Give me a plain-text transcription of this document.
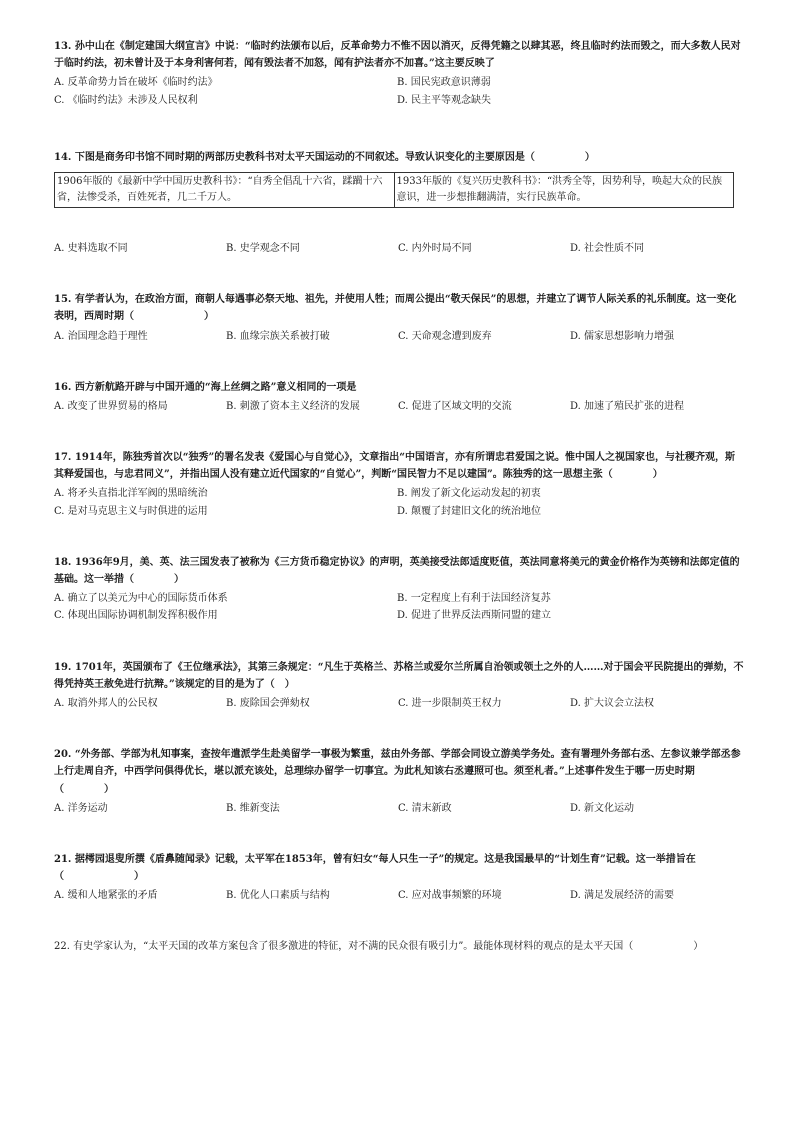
13. 孙中山在《制定建国大纲宣言》中说：“临时约法颁布以后，反革命势力不惟不因以消灭，反得凭籍之以肆其恶，终且临时约法而毁之，而大多数人民对于临时约法，初未曾计及于本身利害何若，闻有毁法者不加怒，闻有护法者亦不加喜。”这主要反映了

A. 反革命势力旨在破坏《临时约法》	B. 国民宪政意识薄弱
C. 《临时约法》未涉及人民权利	D. 民主平等观念缺失

14. 下图是商务印书馆不同时期的两部历史教科书对太平天国运动的不同叙述。导致认识变化的主要原因是（　　　　　）

1906年版的《最新中学中国历史教科书》：“自秀全倡乱十六省，蹂躏十六省，法惨受杀，百姓死者，几二千万人。	1933年版的《复兴历史教科书》：“洪秀全等，因势利导，唤起大众的民族意识，进一步想推翻满清，实行民族革命。
A. 史料选取不同	B. 史学观念不同	C. 内外时局不同	D. 社会性质不同

15. 有学者认为，在政治方面，商朝人每遇事必祭天地、祖先，并使用人牲；而周公提出“敬天保民”的思想，并建立了调节人际关系的礼乐制度。这一变化表明，西周时期（　　　　　　　）

A. 治国理念趋于理性	B. 血缘宗族关系被打破	C. 天命观念遭到废弃	D. 儒家思想影响力增强

16. 西方新航路开辟与中国开通的“海上丝绸之路”意义相同的一项是

A. 改变了世界贸易的格局	B. 刺激了资本主义经济的发展	C. 促进了区域文明的交流	D. 加速了殖民扩张的进程

17. 1914年，陈独秀首次以“独秀”的署名发表《爱国心与自觉心》，文章指出“中国语言，亦有所谓忠君爱国之说。惟中国人之视国家也，与社稷齐观，斯其释爱国也，与忠君同义”，并指出国人没有建立近代国家的“自觉心”，判断“国民智力不足以建国”。陈独秀的这一思想主张（　　　　）

A. 将矛头直指北洋军阀的黑暗统治	B. 阐发了新文化运动发起的初衷
C. 是对马克思主义与时俱进的运用	D. 颠覆了封建旧文化的统治地位

18. 1936年9月，美、英、法三国发表了被称为《三方货币稳定协议》的声明，英美接受法郎适度贬值，英法同意将美元的黄金价格作为英镑和法郎定值的基础。这一举措（　　　　）

A. 确立了以美元为中心的国际货币体系	B. 一定程度上有利于法国经济复苏
C. 体现出国际协调机制发挥积极作用	D. 促进了世界反法西斯同盟的建立

19. 1701年，英国颁布了《王位继承法》，其第三条规定：“凡生于英格兰、苏格兰或爱尔兰所属自治领或领土之外的人……对于国会平民院提出的弹劾，不得凭持英王赦免进行抗辩。”该规定的目的是为了（　）

A. 取消外邦人的公民权	B. 废除国会弹劾权	C. 进一步限制英王权力	D. 扩大议会立法权

20. “外务部、学部为札知事案，查按年遣派学生赴美留学一事极为繁重，兹由外务部、学部会同设立游美学务处。查有署理外务部右丞、左参议兼学部丞参上行走周自齐，中西学问俱得优长，堪以派充该处，总理综办留学一切事宜。为此札知该右丞遵照可也。须至札者。”上述事件发生于哪一历史时期（　　　　）

A. 洋务运动	B. 维新变法	C. 清末新政	D. 新文化运动

21. 据樗园退叟所撰《盾鼻随闻录》记载，太平军在1853年，曾有妇女“每人只生一子”的规定。这是我国最早的“计划生育”记载。这一举措旨在（　　　　　　　）

A. 缓和人地紧张的矛盾	B. 优化人口素质与结构	C. 应对战事频繁的环境	D. 满足发展经济的需要

22. 有史学家认为，“太平天国的改革方案包含了很多激进的特征，对不满的民众很有吸引力”。最能体现材料的观点的是太平天国（　　　　　　）
